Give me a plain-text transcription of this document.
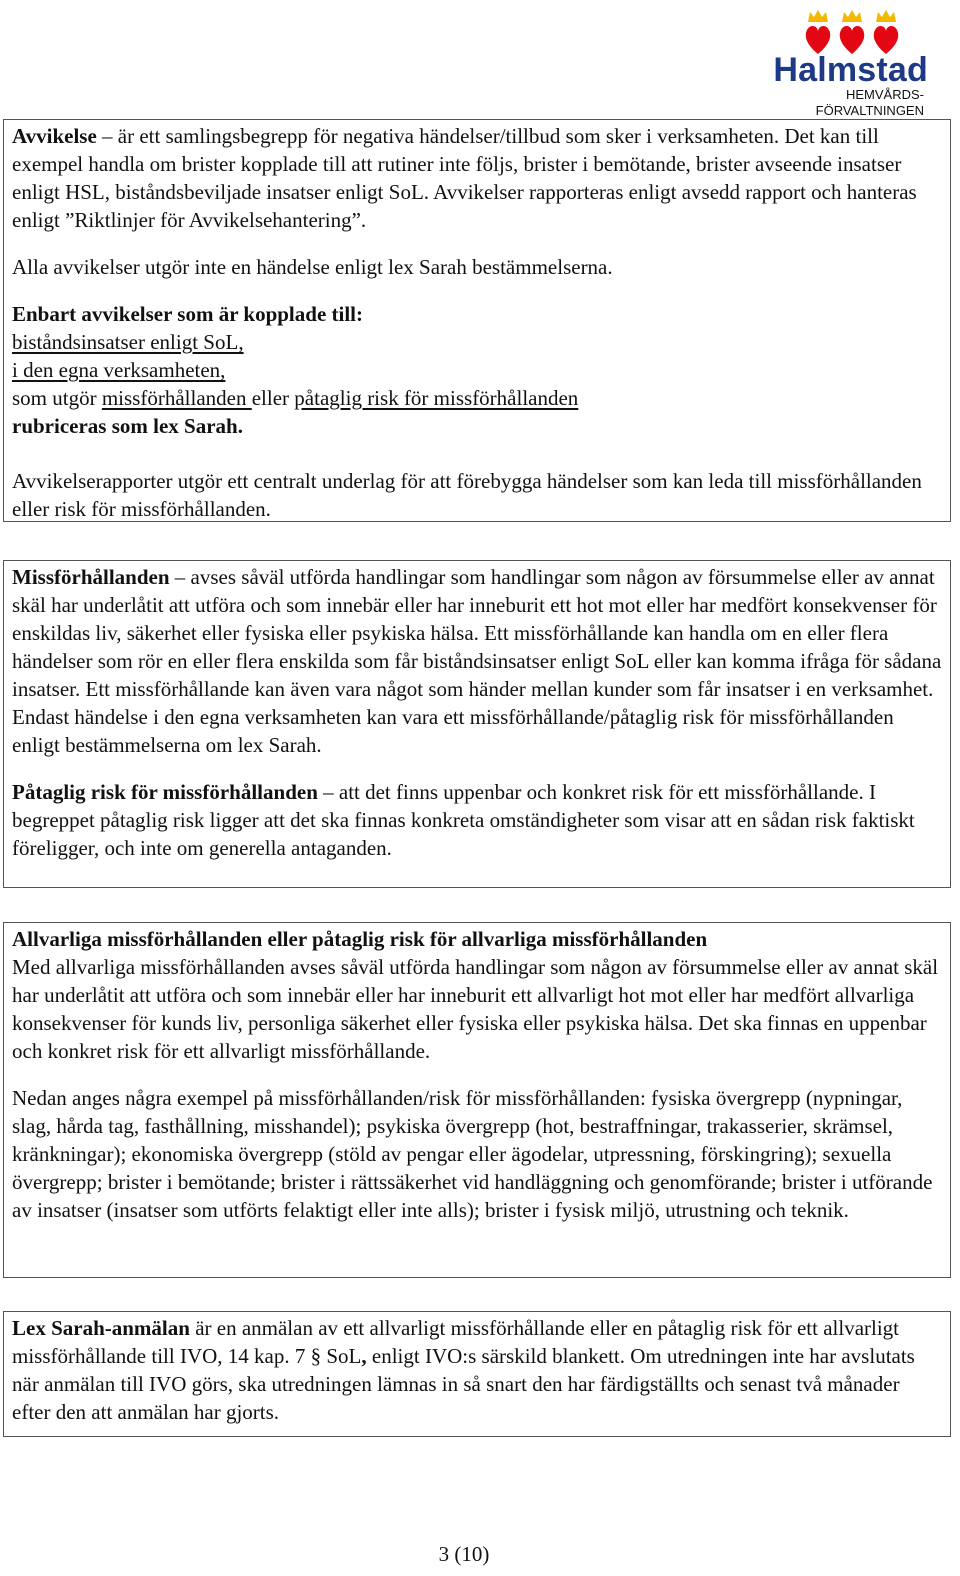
Halmstad
HEMVÅRDS-
FÖRVALTNINGEN

Avvikelse – är ett samlingsbegrepp för negativa händelser/tillbud som sker i verksamheten. Det kan till exempel handla om brister kopplade till att rutiner inte följs, brister i bemötande, brister avseende insatser enligt HSL, biståndsbeviljade insatser enligt SoL. Avvikelser rapporteras enligt avsedd rapport och hanteras enligt ”Riktlinjer för Avvikelsehantering”.

Alla avvikelser utgör inte en händelse enligt lex Sarah bestämmelserna.

Enbart avvikelser som är kopplade till:

biståndsinsatser enligt SoL,

i den egna verksamheten,

som utgör missförhållanden eller påtaglig risk för missförhållanden

rubriceras som lex Sarah.

Avvikelserapporter utgör ett centralt underlag för att förebygga händelser som kan leda till missförhållanden eller risk för missförhållanden.

Missförhållanden – avses såväl utförda handlingar som handlingar som någon av försummelse eller av annat skäl har underlåtit att utföra och som innebär eller har inneburit ett hot mot eller har medfört konsekvenser för enskildas liv, säkerhet eller fysiska eller psykiska hälsa. Ett missförhållande kan handla om en eller flera händelser som rör en eller flera enskilda som får biståndsinsatser enligt SoL eller kan komma ifråga för sådana insatser. Ett missförhållande kan även vara något som händer mellan kunder som får insatser i en verksamhet. Endast händelse i den egna verksamheten kan vara ett missförhållande/påtaglig risk för missförhållanden enligt bestämmelserna om lex Sarah.

Påtaglig risk för missförhållanden – att det finns uppenbar och konkret risk för ett missförhållande. I begreppet påtaglig risk ligger att det ska finnas konkreta omständigheter som visar att en sådan risk faktiskt föreligger, och inte om generella antaganden.

Allvarliga missförhållanden eller påtaglig risk för allvarliga missförhållanden

Med allvarliga missförhållanden avses såväl utförda handlingar som någon av försummelse eller av annat skäl har underlåtit att utföra och som innebär eller har inneburit ett allvarligt hot mot eller har medfört allvarliga konsekvenser för kunds liv, personliga säkerhet eller fysiska eller psykiska hälsa. Det ska finnas en uppenbar och konkret risk för ett allvarligt missförhållande.

Nedan anges några exempel på missförhållanden/risk för missförhållanden: fysiska övergrepp (nypningar, slag, hårda tag, fasthållning, misshandel); psykiska övergrepp (hot, bestraffningar, trakasserier, skrämsel, kränkningar); ekonomiska övergrepp (stöld av pengar eller ägodelar, utpressning, förskingring); sexuella övergrepp; brister i bemötande; brister i rättssäkerhet vid handläggning och genomförande; brister i utförande av insatser (insatser som utförts felaktigt eller inte alls); brister i fysisk miljö, utrustning och teknik.

Lex Sarah-anmälan är en anmälan av ett allvarligt missförhållande eller en påtaglig risk för ett allvarligt missförhållande till IVO, 14 kap. 7 § SoL, enligt IVO:s särskild blankett. Om utredningen inte har avslutats när anmälan till IVO görs, ska utredningen lämnas in så snart den har färdigställts och senast två månader efter den att anmälan har gjorts.

3 (10)
